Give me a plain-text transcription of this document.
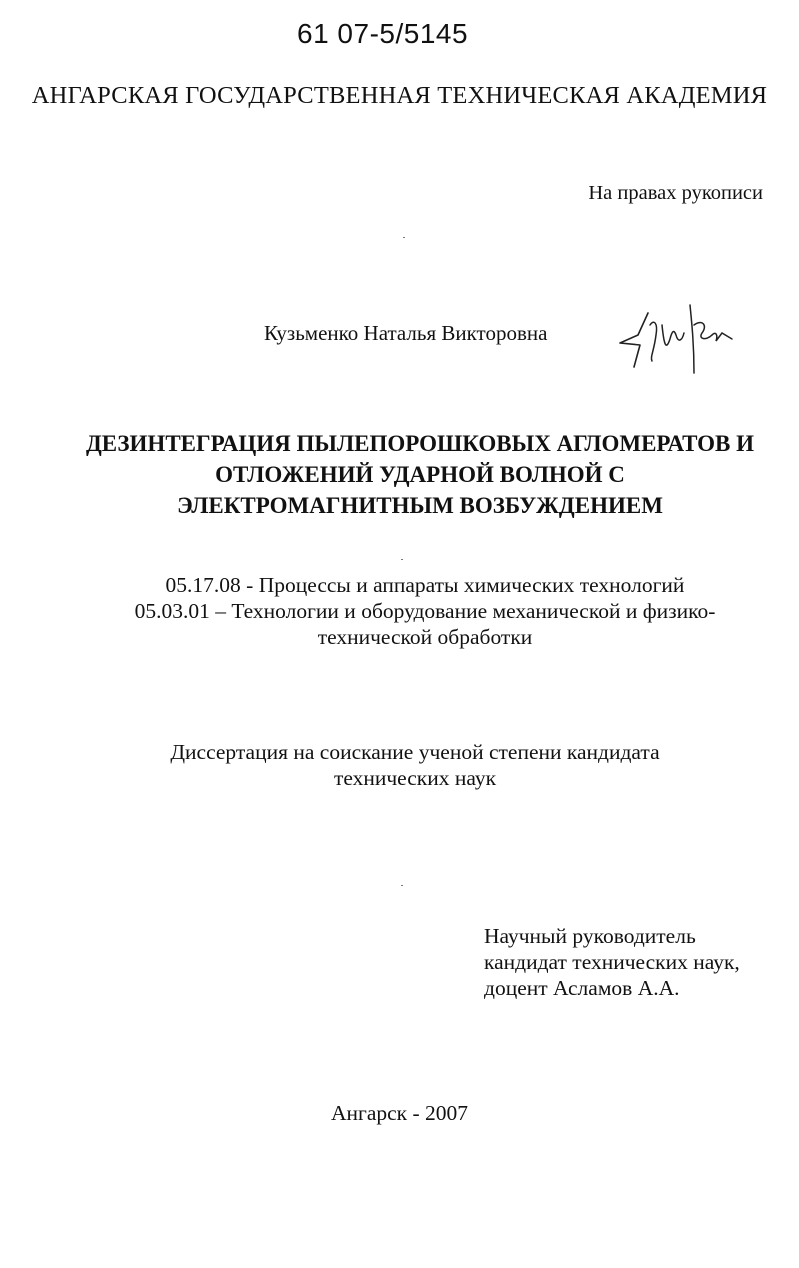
61 07-5/5145
АНГАРСКАЯ ГОСУДАРСТВЕННАЯ ТЕХНИЧЕСКАЯ АКАДЕМИЯ
На правах рукописи
Кузьменко Наталья Викторовна
ДЕЗИНТЕГРАЦИЯ ПЫЛЕПОРОШКОВЫХ АГЛОМЕРАТОВ И
ОТЛОЖЕНИЙ УДАРНОЙ ВОЛНОЙ С
ЭЛЕКТРОМАГНИТНЫМ ВОЗБУЖДЕНИЕМ
05.17.08 - Процессы и аппараты химических технологий
05.03.01 – Технологии и оборудование механической и физико-
технической обработки
Диссертация на соискание ученой степени кандидата
технических наук
Научный руководитель
кандидат технических наук,
доцент Асламов А.А.
Ангарск - 2007
